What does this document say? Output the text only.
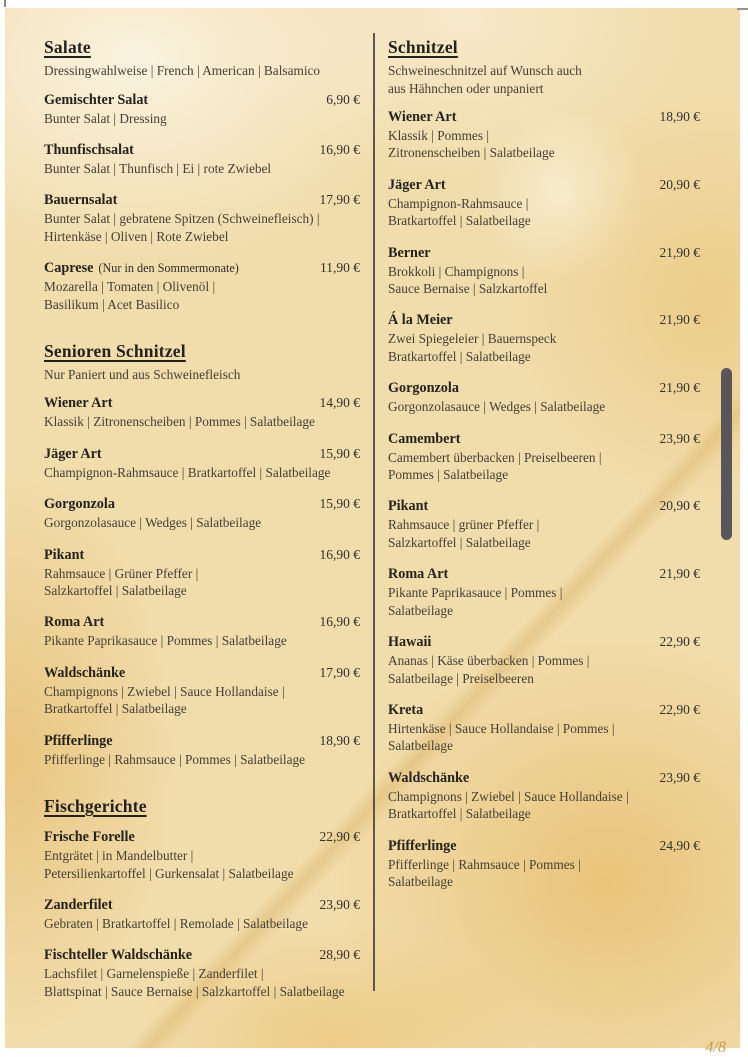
Salate
Dressingwahlweise | French | American | Balsamico
Gemischter Salat	6,90 €
Bunter Salat | Dressing
Thunfischsalat	16,90 €
Bunter Salat | Thunfisch | Ei | rote Zwiebel
Bauernsalat	17,90 €
Bunter Salat | gebratene Spitzen (Schweinefleisch) |
Hirtenkäse | Oliven | Rote Zwiebel
Caprese (Nur in den Sommermonate)	11,90 €
Mozarella | Tomaten | Olivenöl |
Basilikum | Acet Basilico
Senioren Schnitzel
Nur Paniert und aus Schweinefleisch
Wiener Art	14,90 €
Klassik | Zitronenscheiben | Pommes | Salatbeilage
Jäger Art	15,90 €
Champignon-Rahmsauce | Bratkartoffel | Salatbeilage
Gorgonzola	15,90 €
Gorgonzolasauce | Wedges | Salatbeilage
Pikant	16,90 €
Rahmsauce | Grüner Pfeffer |
Salzkartoffel | Salatbeilage
Roma Art	16,90 €
Pikante Paprikasauce | Pommes | Salatbeilage
Waldschänke	17,90 €
Champignons | Zwiebel | Sauce Hollandaise |
Bratkartoffel | Salatbeilage
Pfifferlinge	18,90 €
Pfifferlinge | Rahmsauce | Pommes | Salatbeilage
Fischgerichte
Frische Forelle	22,90 €
Entgrätet | in Mandelbutter |
Petersilienkartoffel | Gurkensalat | Salatbeilage
Zanderfilet	23,90 €
Gebraten | Bratkartoffel | Remolade | Salatbeilage
Fischteller Waldschänke	28,90 €
Lachsfilet | Garnelenspieße | Zanderfilet |
Blattspinat | Sauce Bernaise | Salzkartoffel | Salatbeilage
Schnitzel
Schweineschnitzel auf Wunsch auch
aus Hähnchen oder unpaniert
Wiener Art	18,90 €
Klassik | Pommes |
Zitronenscheiben | Salatbeilage
Jäger Art	20,90 €
Champignon-Rahmsauce |
Bratkartoffel | Salatbeilage
Berner	21,90 €
Brokkoli | Champignons |
Sauce Bernaise | Salzkartoffel
Á la Meier	21,90 €
Zwei Spiegeleier | Bauernspeck
Bratkartoffel | Salatbeilage
Gorgonzola	21,90 €
Gorgonzolasauce | Wedges | Salatbeilage
Camembert	23,90 €
Camembert überbacken | Preiselbeeren |
Pommes | Salatbeilage
Pikant	20,90 €
Rahmsauce | grüner Pfeffer |
Salzkartoffel | Salatbeilage
Roma Art	21,90 €
Pikante Paprikasauce | Pommes |
Salatbeilage
Hawaii	22,90 €
Ananas | Käse überbacken | Pommes |
Salatbeilage | Preiselbeeren
Kreta	22,90 €
Hirtenkäse | Sauce Hollandaise | Pommes |
Salatbeilage
Waldschänke	23,90 €
Champignons | Zwiebel | Sauce Hollandaise |
Bratkartoffel | Salatbeilage
Pfifferlinge	24,90 €
Pfifferlinge | Rahmsauce | Pommes |
Salatbeilage
4/8
